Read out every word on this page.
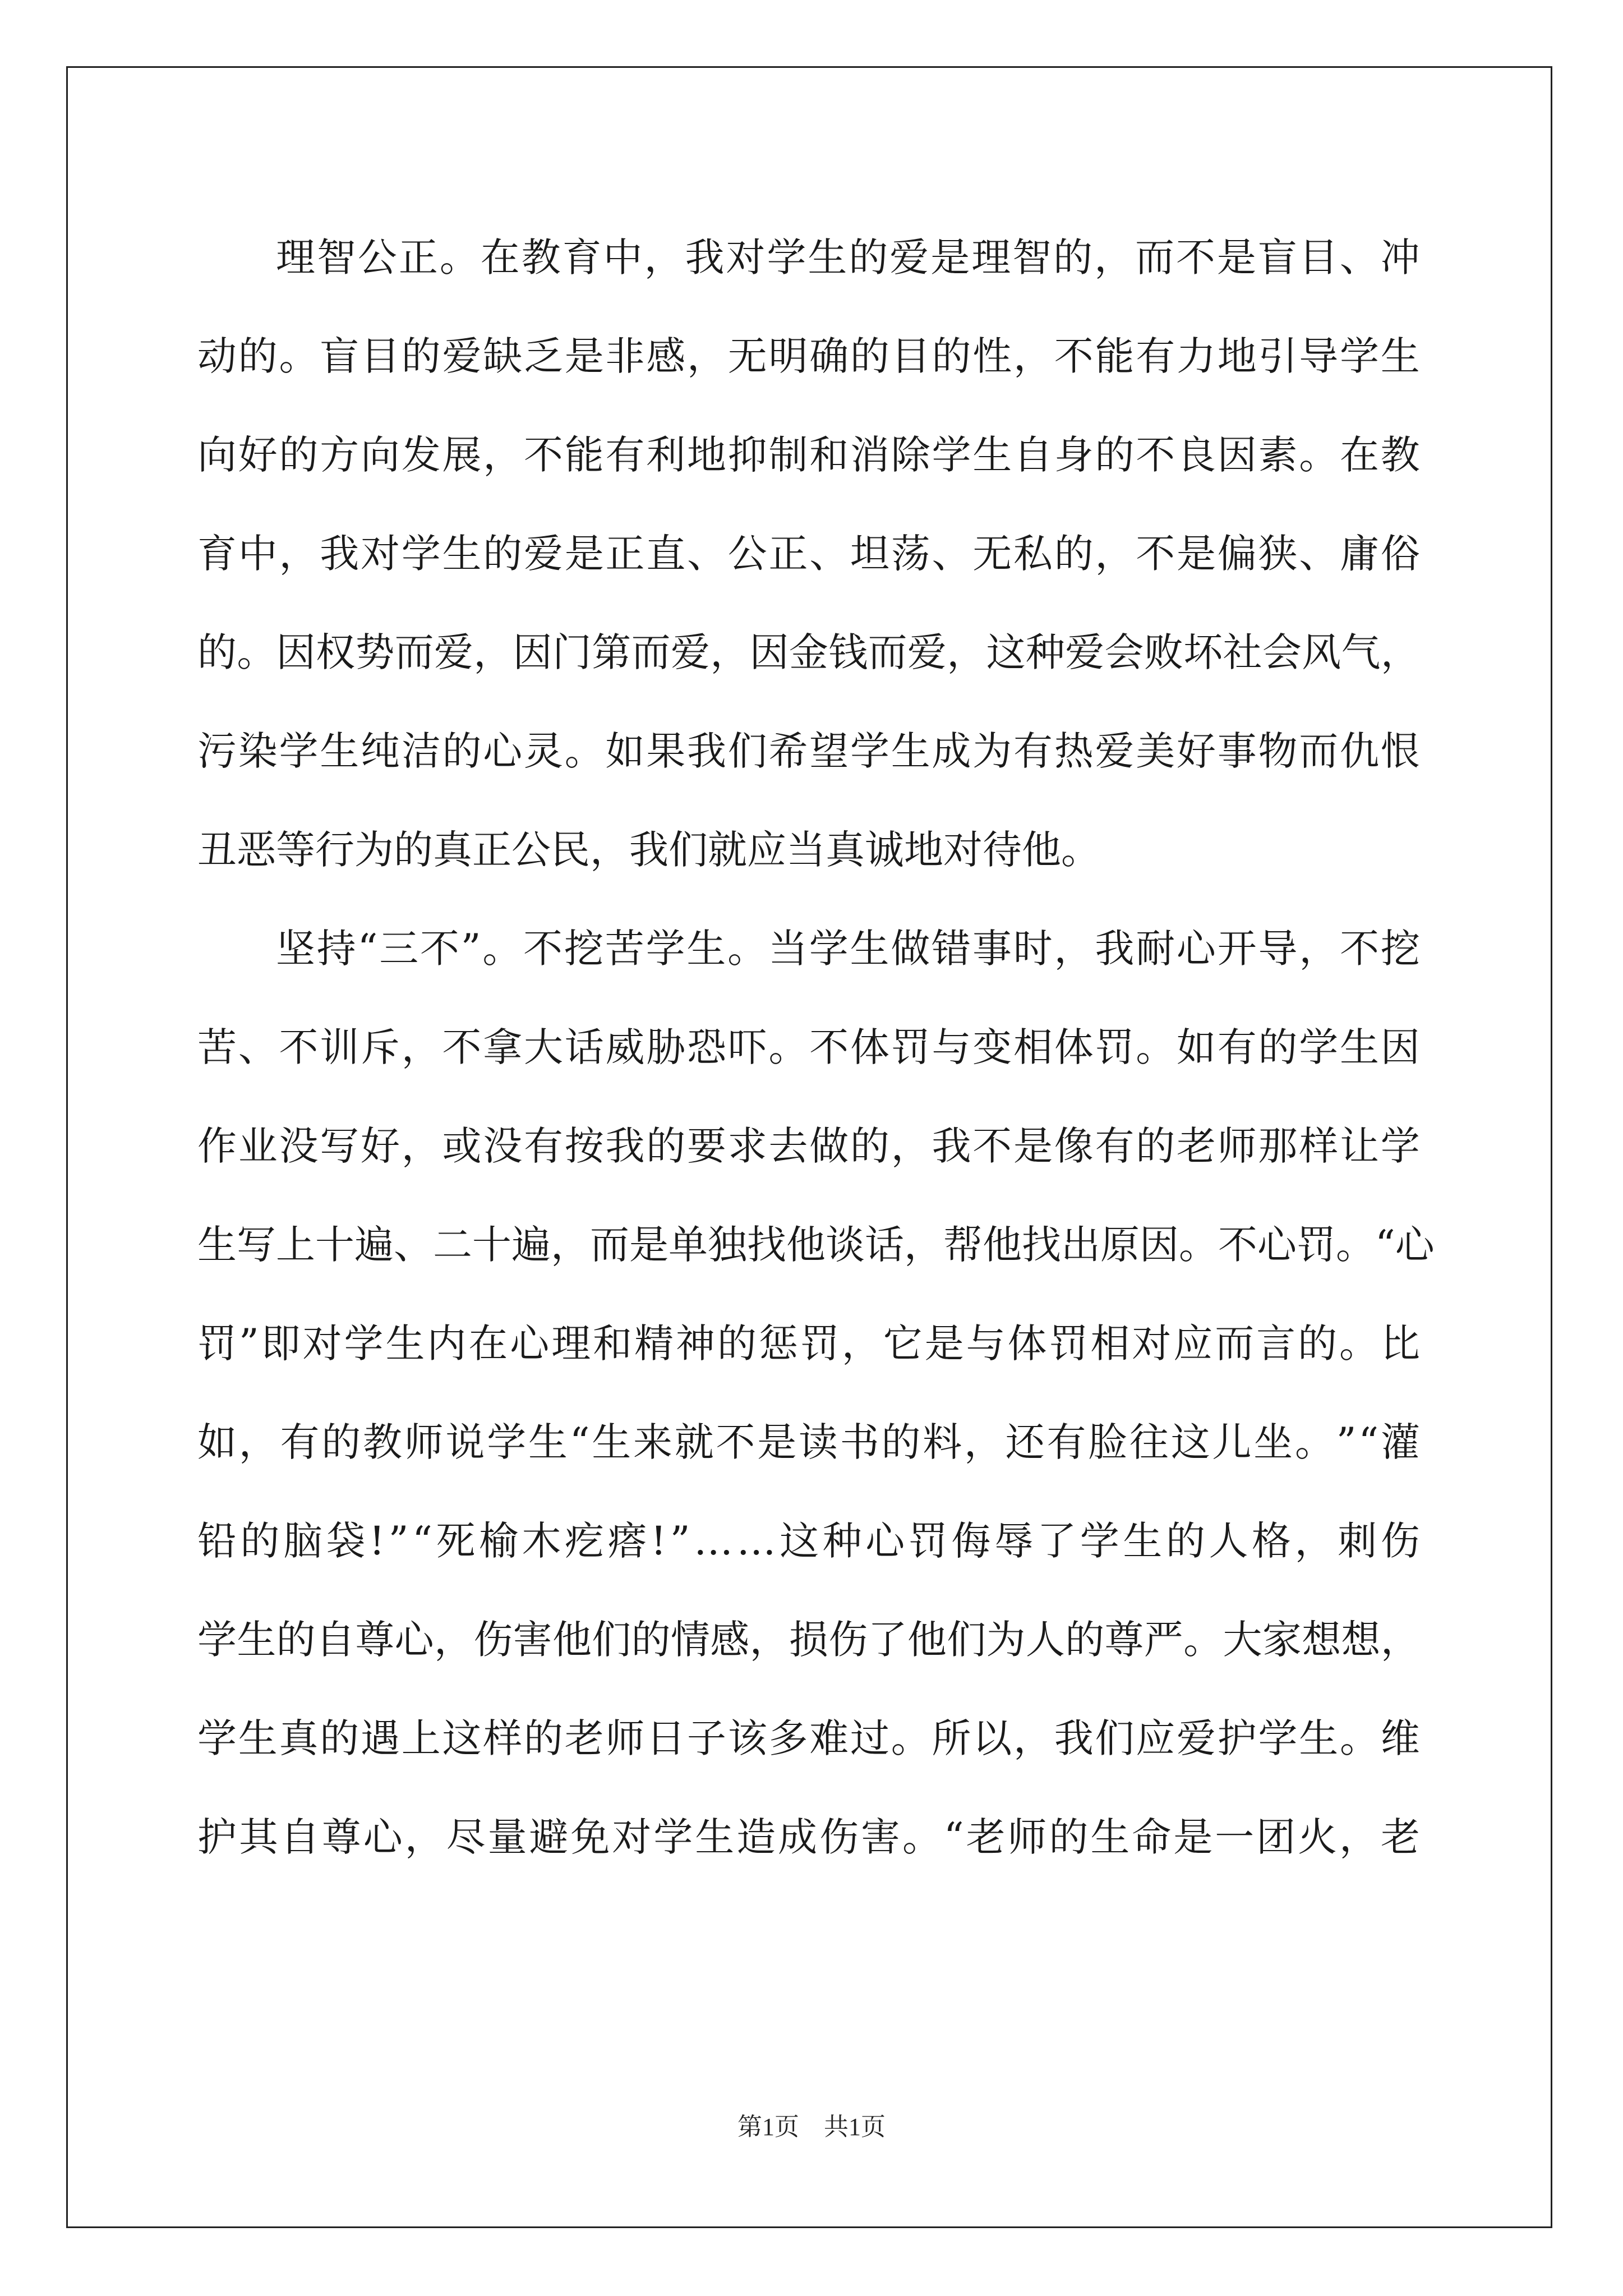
理 智 公 正 。 在 教 育 中 ， 我 对 学 生 的 爱 是 理 智 的 ， 而 不 是 盲 目 、 冲
动 的 。 盲 目 的 爱 缺 乏 是 非 感 ， 无 明 确 的 目 的 性 ， 不 能 有 力 地 引 导 学 生
向 好 的 方 向 发 展 ， 不 能 有 利 地 抑 制 和 消 除 学 生 自 身 的 不 良 因 素 。 在 教
育 中 ， 我 对 学 生 的 爱 是 正 直 、 公 正 、 坦 荡 、 无 私 的 ， 不 是 偏 狭 、 庸 俗
的 。 因 权 势 而 爱 ， 因 门 第 而 爱 ， 因 金 钱 而 爱 ， 这 种 爱 会 败 坏 社 会 风 气 ，
污 染 学 生 纯 洁 的 心 灵 。 如 果 我 们 希 望 学 生 成 为 有 热 爱 美 好 事 物 而 仇 恨
丑恶等行为的真正公民，我们就应当真诚地对待他。
坚 持 “ 三 不 ” 。 不 挖 苦 学 生 。 当 学 生 做 错 事 时 ， 我 耐 心 开 导 ， 不 挖
苦 、 不 训 斥 ， 不 拿 大 话 威 胁 恐 吓 。 不 体 罚 与 变 相 体 罚 。 如 有 的 学 生 因
作 业 没 写 好 ， 或 没 有 按 我 的 要 求 去 做 的 ， 我 不 是 像 有 的 老 师 那 样 让 学
生 写 上 十 遍 、 二 十 遍 ， 而 是 单 独 找 他 谈 话 ， 帮 他 找 出 原 因 。 不 心 罚 。 “ 心
罚 ” 即 对 学 生 内 在 心 理 和 精 神 的 惩 罚 ， 它 是 与 体 罚 相 对 应 而 言 的 。 比
如 ， 有 的 教 师 说 学 生 “ 生 来 就 不 是 读 书 的 料 ， 还 有 脸 往 这 儿 坐 。 ” “ 灌
铅 的 脑 袋 ! ” “ 死 榆 木 疙 瘩 ! ” … … 这 种 心 罚 侮 辱 了 学 生 的 人 格 ， 刺 伤
学 生 的 自 尊 心 ， 伤 害 他 们 的 情 感 ， 损 伤 了 他 们 为 人 的 尊 严 。 大 家 想 想 ，
学 生 真 的 遇 上 这 样 的 老 师 日 子 该 多 难 过 。 所 以 ， 我 们 应 爱 护 学 生 。 维
护 其 自 尊 心 ， 尽 量 避 免 对 学 生 造 成 伤 害 。 “ 老 师 的 生 命 是 一 团 火 ， 老
第1页　共1页
